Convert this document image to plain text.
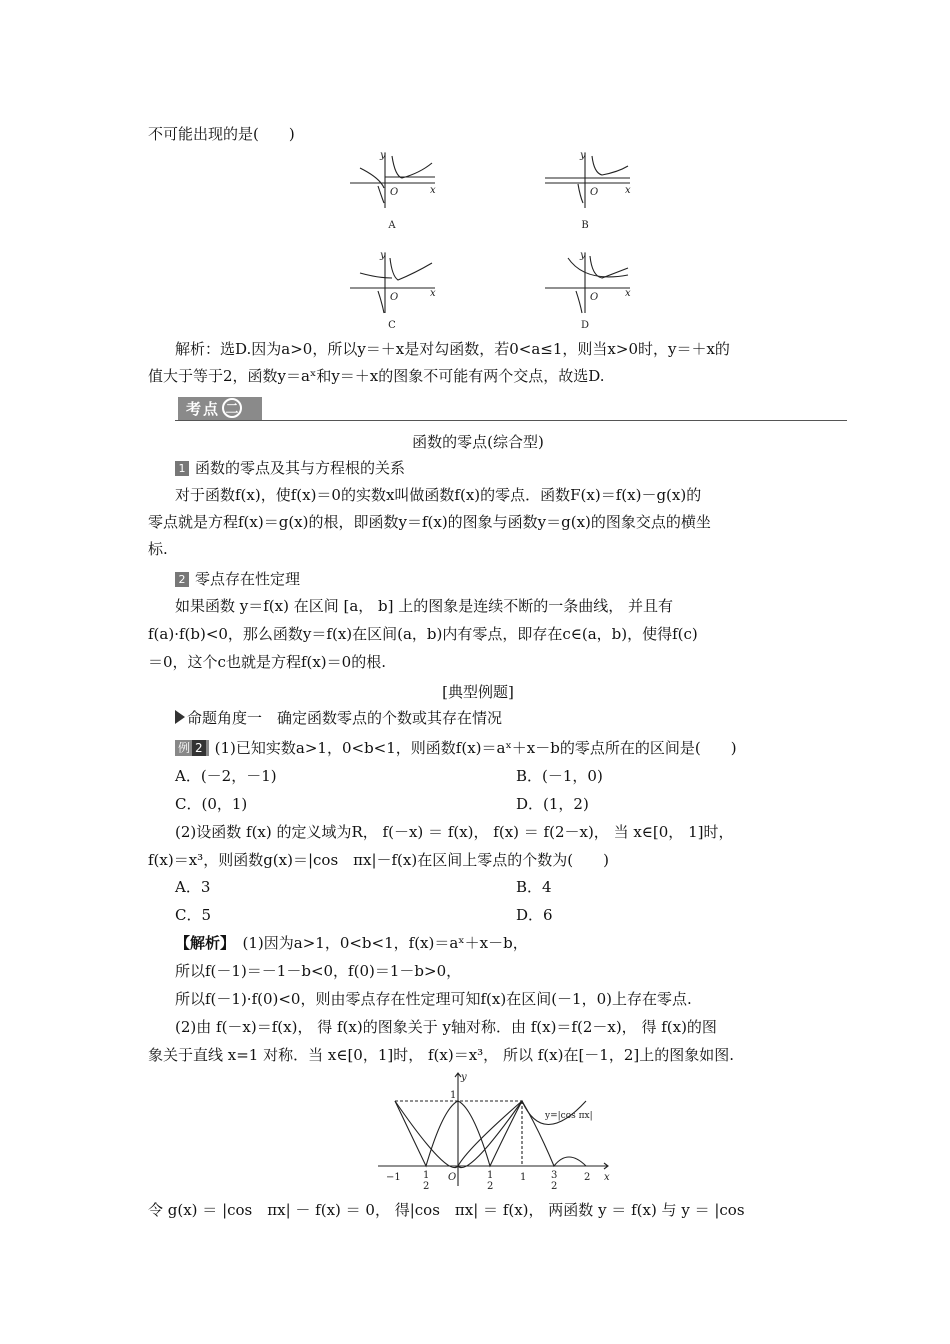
不可能出现的是(　　)
y
x
O
y
x
O
y
x
O
y
x
O
A	B
C	D
解析：选D.因为a>0，所以y＝＋x是对勾函数，若0<a≤1，则当x>0时，y＝＋x的
值大于等于2，函数y＝aˣ和y＝＋x的图象不可能有两个交点，故选D.
考点 二
函数的零点(综合型)
1 函数的零点及其与方程根的关系
对于函数f(x)，使f(x)＝0的实数x叫做函数f(x)的零点．函数F(x)＝f(x)－g(x)的
零点就是方程f(x)＝g(x)的根，即函数y＝f(x)的图象与函数y＝g(x)的图象交点的横坐
标.
2 零点存在性定理
如果函数 y＝f(x) 在区间 [a， b] 上的图象是连续不断的一条曲线， 并且有
f(a)·f(b)<0，那么函数y＝f(x)在区间(a，b)内有零点，即存在c∈(a，b)，使得f(c)
＝0，这个c也就是方程f(x)＝0的根.
[典型例题]
命题角度一　确定函数零点的个数或其存在情况
例 2 (1)已知实数a>1，0<b<1，则函数f(x)＝aˣ＋x－b的零点所在的区间是(　　)
A．(－2，－1)	B．(－1，0)
C．(0，1)	D．(1，2)
(2)设函数 f(x) 的定义域为R， f(－x) ＝ f(x)， f(x) ＝ f(2－x)， 当 x∈[0， 1]时，
f(x)＝x³，则函数g(x)＝|cos　πx|－f(x)在区间上零点的个数为(　　)
A．3	B．4
C．5	D．6
【解析】　(1)因为a>1，0<b<1，f(x)＝aˣ＋x－b，
所以f(－1)＝－1－b<0，f(0)＝1－b>0，
所以f(－1)·f(0)<0，则由零点存在性定理可知f(x)在区间(－1，0)上存在零点.
(2)由 f(－x)＝f(x)， 得 f(x)的图象关于 y轴对称．由 f(x)＝f(2－x)， 得 f(x)的图
象关于直线 x=1 对称．当 x∈[0，1]时， f(x)＝x³， 所以 f(x)在[－1，2]上的图象如图.
y
x
1
y=|cos πx|
−1 1
2
O	1
2
1 3
2
2
令 g(x) ＝ |cos　πx| － f(x) ＝ 0， 得|cos　πx| ＝ f(x)， 两函数 y ＝ f(x) 与 y ＝ |cos
